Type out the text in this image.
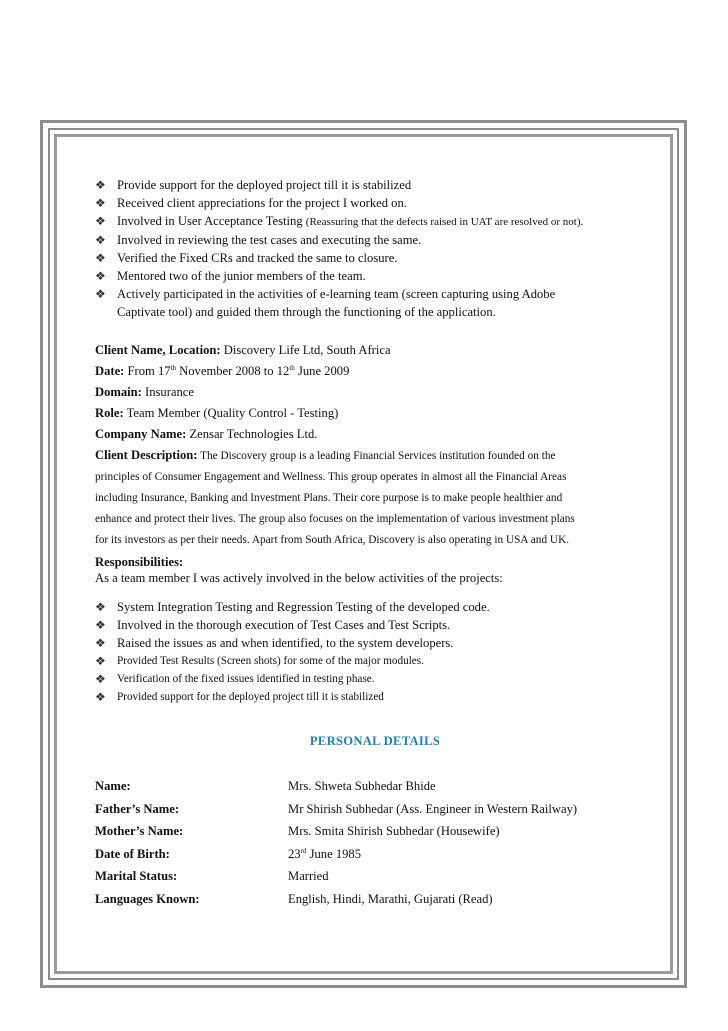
❖ Provide support for the deployed project till it is stabilized
❖ Received client appreciations for the project I worked on.
❖ Involved in User Acceptance Testing (Reassuring that the defects raised in UAT are resolved or not).
❖ Involved in reviewing the test cases and executing the same.
❖ Verified the Fixed CRs and tracked the same to closure.
❖ Mentored two of the junior members of the team.
❖ Actively participated in the activities of e-learning team (screen capturing using Adobe
Captivate tool) and guided them through the functioning of the application.
Client Name, Location: Discovery Life Ltd, South Africa
Date: From 17th November 2008 to 12th June 2009
Domain: Insurance
Role: Team Member (Quality Control - Testing)
Company Name: Zensar Technologies Ltd.
Client Description: The Discovery group is a leading Financial Services institution founded on the
principles of Consumer Engagement and Wellness. This group operates in almost all the Financial Areas
including Insurance, Banking and Investment Plans. Their core purpose is to make people healthier and
enhance and protect their lives. The group also focuses on the implementation of various investment plans
for its investors as per their needs. Apart from South Africa, Discovery is also operating in USA and UK.
Responsibilities:
As a team member I was actively involved in the below activities of the projects:
❖ System Integration Testing and Regression Testing of the developed code.
❖ Involved in the thorough execution of Test Cases and Test Scripts.
❖ Raised the issues as and when identified, to the system developers.
❖ Provided Test Results (Screen shots) for some of the major modules.
❖ Verification of the fixed issues identified in testing phase.
❖ Provided support for the deployed project till it is stabilized
PERSONAL DETAILS
Name:	Mrs. Shweta Subhedar Bhide
Father’s Name:	Mr Shirish Subhedar (Ass. Engineer in Western Railway)
Mother’s Name:	Mrs. Smita Shirish Subhedar (Housewife)
Date of Birth:	23rd June 1985
Marital Status:	Married
Languages Known:	English, Hindi, Marathi, Gujarati (Read)
